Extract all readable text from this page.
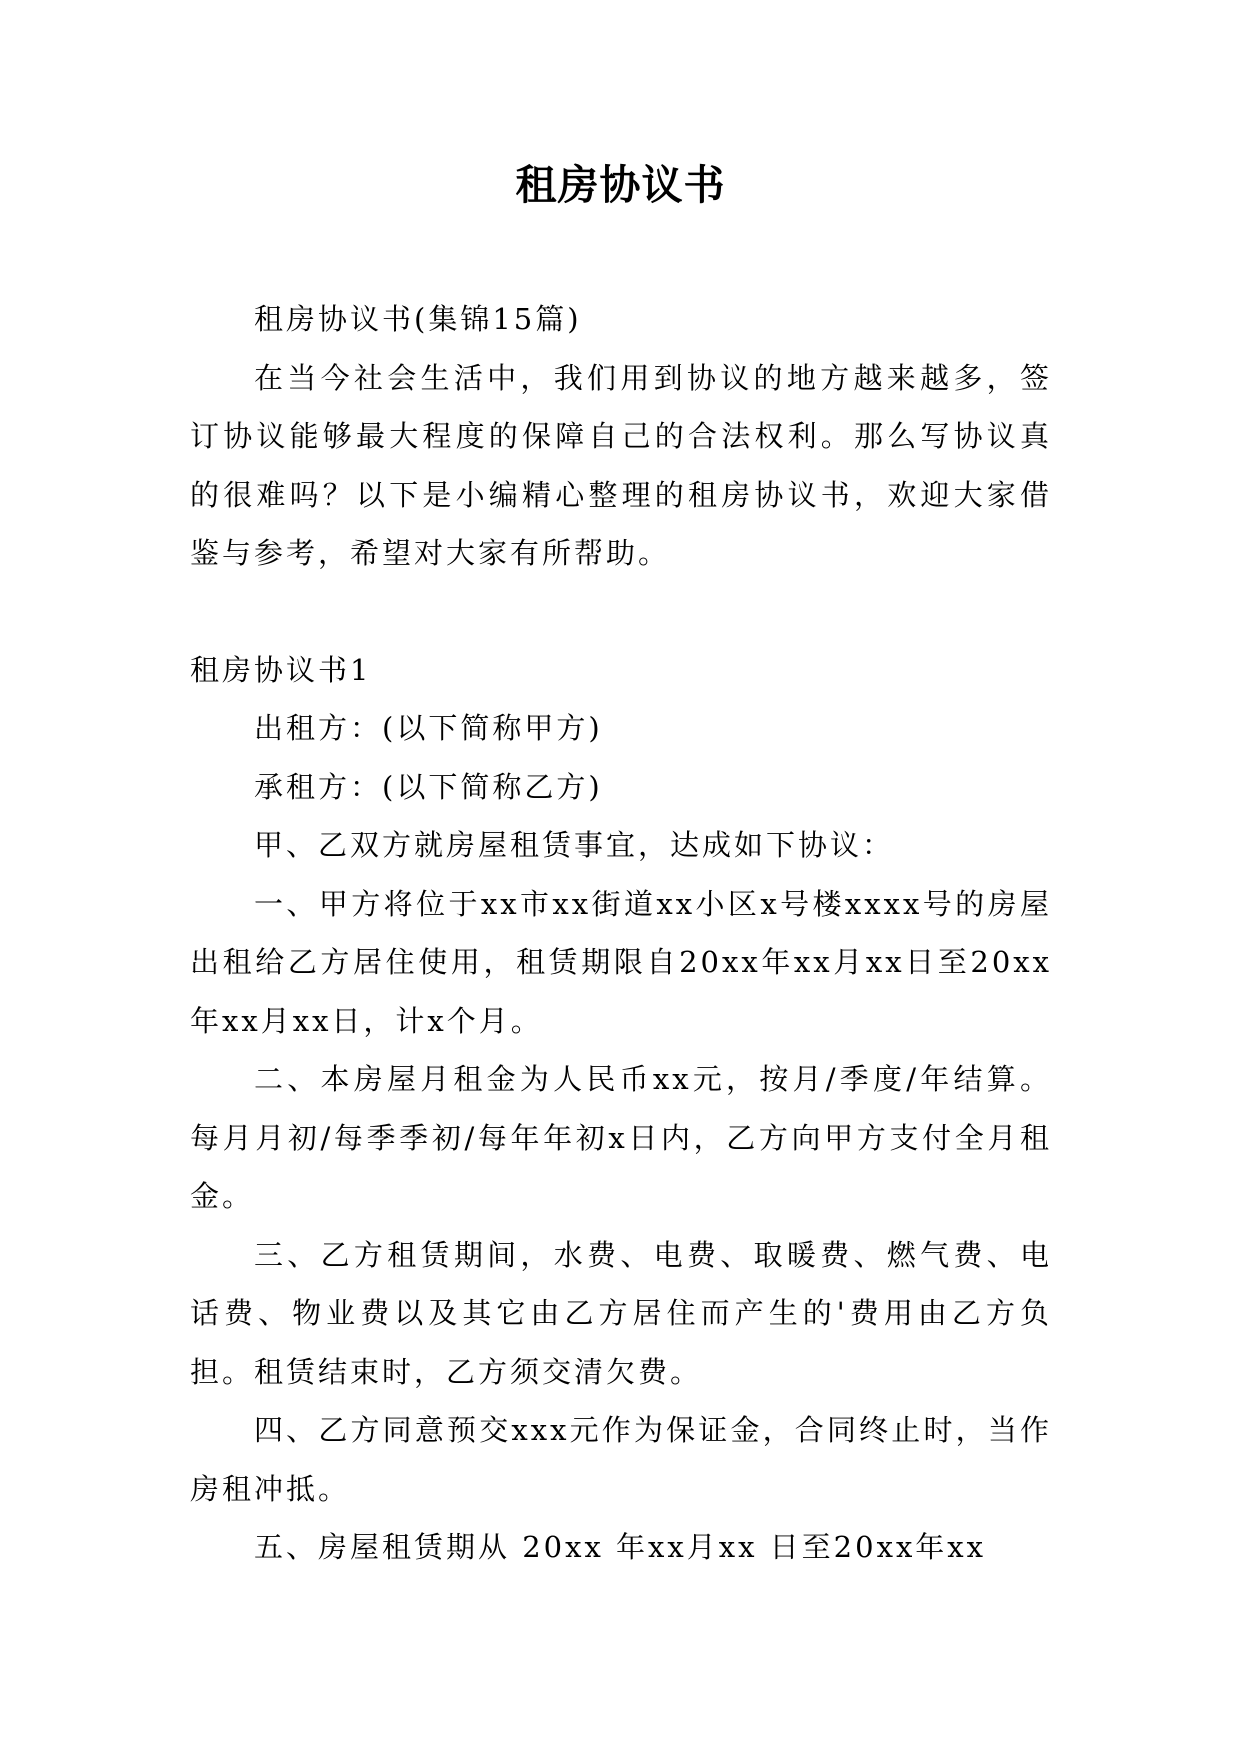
租房协议书

租房协议书(集锦15篇)

在当今社会生活中，我们用到协议的地方越来越多，签订协议能够最大程度的保障自己的合法权利。那么写协议真的很难吗？以下是小编精心整理的租房协议书，欢迎大家借鉴与参考，希望对大家有所帮助。

租房协议书1

出租方：(以下简称甲方)

承租方：(以下简称乙方)

甲、乙双方就房屋租赁事宜，达成如下协议：

一、甲方将位于xx市xx街道xx小区x号楼xxxx号的房屋出租给乙方居住使用，租赁期限自20xx年xx月xx日至20xx年xx月xx日，计x个月。

二、本房屋月租金为人民币xx元，按月/季度/年结算。每月月初/每季季初/每年年初x日内，乙方向甲方支付全月租金。

三、乙方租赁期间，水费、电费、取暖费、燃气费、电话费、物业费以及其它由乙方居住而产生的'费用由乙方负担。租赁结束时，乙方须交清欠费。

四、乙方同意预交xxx元作为保证金，合同终止时，当作房租冲抵。

五、房屋租赁期从 20xx 年xx月xx 日至20xx年xx
